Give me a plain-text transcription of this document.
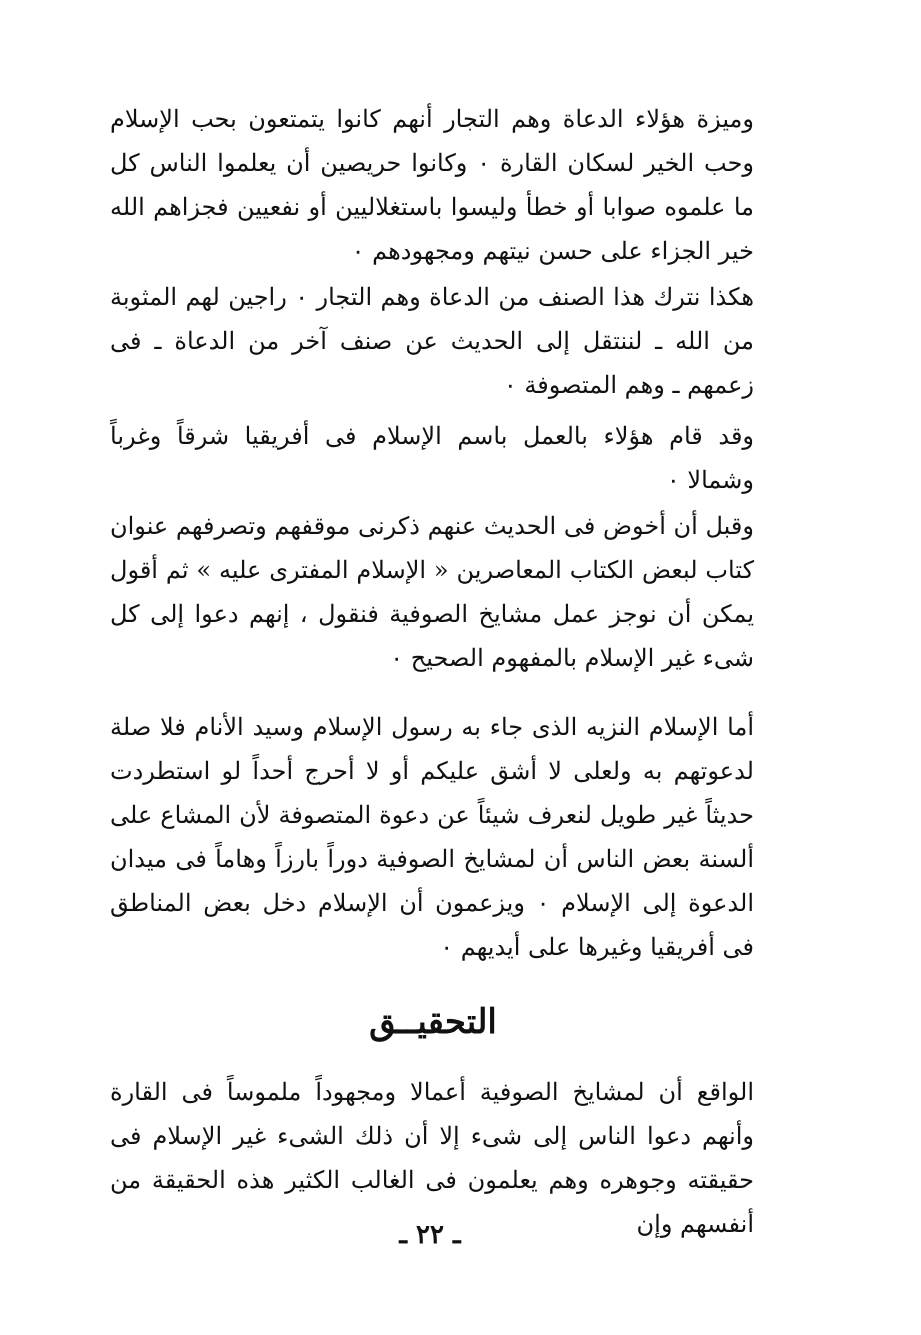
وميزة هؤلاء الدعاة وهم التجار أنهم كانوا يتمتعون بحب الإسلام وحب الخير لسكان القارة ٠ وكانوا حريصين أن يعلموا الناس كل ما علموه صوابا أو خطأ وليسوا باستغلاليين أو نفعيين فجزاهم الله خير الجزاء على حسن نيتهم ومجهودهم ٠

هكذا نترك هذا الصنف من الدعاة وهم التجار ٠ راجين لهم المثوبة من الله ـ لننتقل إلى الحديث عن صنف آخر من الدعاة ـ فى زعمهم ـ وهم المتصوفة ٠

وقد قام هؤلاء بالعمل باسم الإسلام فى أفريقيا شرقاً وغرباً وشمالا ٠

وقبل أن أخوض فى الحديث عنهم ذكرنى موقفهم وتصرفهم عنوان كتاب لبعض الكتاب المعاصرين « الإسلام المفترى عليه » ثم أقول يمكن أن نوجز عمل مشايخ الصوفية فنقول ، إنهم دعوا إلى كل شىء غير الإسلام بالمفهوم الصحيح ٠

أما الإسلام النزيه الذى جاء به رسول الإسلام وسيد الأنام فلا صلة لدعوتهم به ولعلى لا أشق عليكم أو لا أحرج أحداً لو استطردت حديثاً غير طويل لنعرف شيئاً عن دعوة المتصوفة لأن المشاع على ألسنة بعض الناس أن لمشايخ الصوفية دوراً بارزاً وهاماً فى ميدان الدعوة إلى الإسلام ٠ ويزعمون أن الإسلام دخل بعض المناطق فى أفريقيا وغيرها على أيديهم ٠

التحقيــق

الواقع أن لمشايخ الصوفية أعمالا ومجهوداً ملموساً فى القارة وأنهم دعوا الناس إلى شىء إلا أن ذلك الشىء غير الإسلام فى حقيقته وجوهره وهم يعلمون فى الغالب الكثير هذه الحقيقة من أنفسهم وإن

ـ ٢٢ ـ
